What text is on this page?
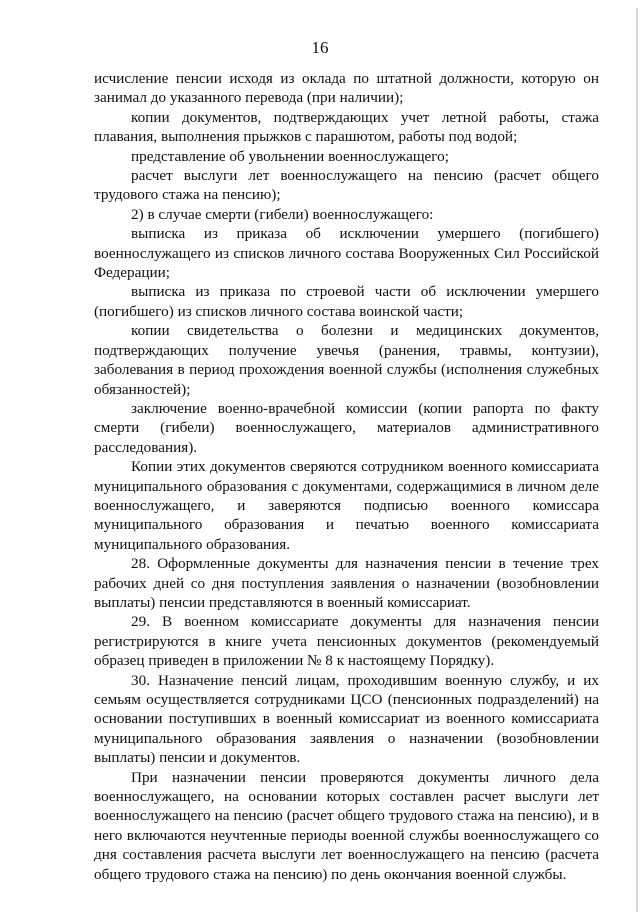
16

исчисление пенсии исходя из оклада по штатной должности, которую он занимал до указанного перевода (при наличии);

копии документов, подтверждающих учет летной работы, стажа плавания, выполнения прыжков с парашютом, работы под водой;

представление об увольнении военнослужащего;

расчет выслуги лет военнослужащего на пенсию (расчет общего трудового стажа на пенсию);

2) в случае смерти (гибели) военнослужащего:

выписка из приказа об исключении умершего (погибшего) военнослужащего из списков личного состава Вооруженных Сил Российской Федерации;

выписка из приказа по строевой части об исключении умершего (погибшего) из списков личного состава воинской части;

копии свидетельства о болезни и медицинских документов, подтверждающих получение увечья (ранения, травмы, контузии), заболевания в период прохождения военной службы (исполнения служебных обязанностей);

заключение военно-врачебной комиссии (копии рапорта по факту смерти (гибели) военнослужащего, материалов административного расследования).

Копии этих документов сверяются сотрудником военного комиссариата муниципального образования с документами, содержащимися в личном деле военнослужащего, и заверяются подписью военного комиссара муниципального образования и печатью военного комиссариата муниципального образования.

28. Оформленные документы для назначения пенсии в течение трех рабочих дней со дня поступления заявления о назначении (возобновлении выплаты) пенсии представляются в военный комиссариат.

29. В военном комиссариате документы для назначения пенсии регистрируются в книге учета пенсионных документов (рекомендуемый образец приведен в приложении № 8 к настоящему Порядку).

30. Назначение пенсий лицам, проходившим военную службу, и их семьям осуществляется сотрудниками ЦСО (пенсионных подразделений) на основании поступивших в военный комиссариат из военного комиссариата муниципального образования заявления о назначении (возобновлении выплаты) пенсии и документов.

При назначении пенсии проверяются документы личного дела военнослужащего, на основании которых составлен расчет выслуги лет военнослужащего на пенсию (расчет общего трудового стажа на пенсию), и в него включаются неучтенные периоды военной службы военнослужащего со дня составления расчета выслуги лет военнослужащего на пенсию (расчета общего трудового стажа на пенсию) по день окончания военной службы.
